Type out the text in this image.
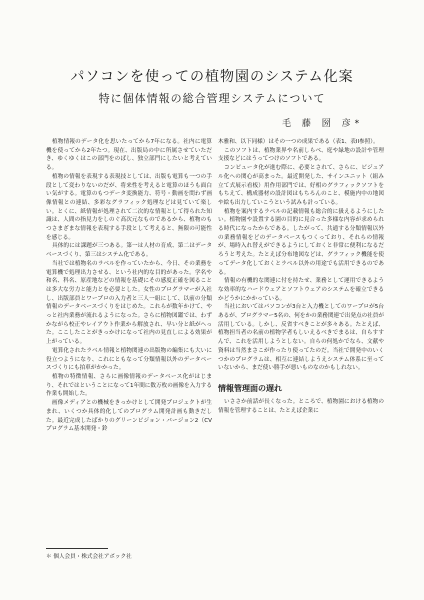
パソコンを使っての植物園のシステム化案
特に個体情報の総合管理システムについて
毛 藤 圀 彦*

植物情報のデータ化を思いたってから7年になる。社内に電算機を使ってから2年たつ。現在、出版局の中に所属させていただき、ゆくゆくはこの部門をのばし、独立部門にしたいと考えている。

植物の情報を表現する表現技としては、出版も電算も一つの手段として変わりないのだが、将来性を考えると電算のほうも面白い気がする。電算のもつデータ変換能力、符号・動画を問わず画像情報との連結、多彩なグラフィック処理などは見ていて楽しい。とくに、紙情報が処理されて二次的な情報として得られた知識は、人間の指見力をしのぐ高次元なものであるから、植物のもつさまざまな情報を表現する手段として考えると、無限の可能性を感じる。

具体的には課題が三つある。第一は人材の育成、第二はデータベースづくり、第三はシステム化である。

当社では植物名のラベルを作っていたから、今日、その業務を電算機で処理出力させる、という社内的な目的があった。学名や和名、科名、原産地などの情報を基礎にその感度正確を図ることは多大な労力と能力とを必要とした。女性のプログラマーが入社し、出版部員とワープロの入力者と三人一組にして、以前の分類情報のデータベースづくりをはじめた。これらが数年かけて、やっと社内業務が流れるようになった。さらに植物図鑑では、わずかながら校正やレイアウト作業から解放され、早い分と紙がへった。ここしたことがきっかけになって社内の見直しによる効果が上がっている。

電算化されたラベル情報と植物関連の出版物の編集にも大いに役立つようになり、これにともなって分類情報以外のデータベースづくりにも拍車がかかった。

植物の特徴情報、さらに画像情報のデータベース化がはじまり、それではということになって1年間に数万枚の画像を入力する作業も開始した。

画像メディアとの機械をきっかけとして開発プロジェクトが生まれ、いくつか具体的化してのプログラム開発計画も動きだした。最近完成したばかりのグリーンビジョン・バージョン2（CVプログラム基本開発・鈴

木雅和、以下同様）はその一つの成果である（表1、表II参照）。

このソフトは、植物業界や名前しらべ、庭や緑地の設計や管理支援などにはうってつけのソフトである。

コンピュータ化が進む際に、必要とされて、さらに、ビジュアル化への関心が高まった。最近開発した、サインユニット（組み立て式展示看板）用作用部門では、好相のグラフィックソフトをもちえて、構成器材の設計図はもちろんのこと、模施内中の地図や絵も出力していこうという試みも計っている。

植物を案内するラベルの記載情報も総合的に扱えるようにしたい。植物園や設置する園の目的に見合った多様な内容が求められる時代になったからである。したがって、共通する分類情報以外の業務情報をどのデータベースもつくっており、それらの情報が、場時入れ替えができるようにしておくと非常に便利になるだろうと考えた。たとえば分布地図などは、グラフィック機能を使ってデータ化しておくとラベル以外の用途でも活用できるのである。

情報の有機的な関連に付を持たせ、業務として運用できるような効率的なハードウェアとソフトウェアのシステムを確立できるかどうかにかかっている。

当社においてはパソコンが3台と入力機としてのワープロが5台あるが、プログラマー5名の、何をかの業務関連で出発点の社員が活用している。しかし、反省すべきことが多々ある。たとえば、植物担当者の名前の植物学者もしいえるべきでまるは、自らすすんで、これを活用しようとしない。自らの何処かでなら、文献や資料は当然まさこが作ったり使ってたのだ。当社で開発中のいくつかのプログラムは、相互に連結しようえシステム体系に至っていないから、まだ使い勝手が悪いものなのかもしれない。

情報管理面の遅れ

いささか前話が長くなった。ところで、植物園における植物の情報を管理することは、たとえば企業に

＊ 個人会員・株式会社アボック社
